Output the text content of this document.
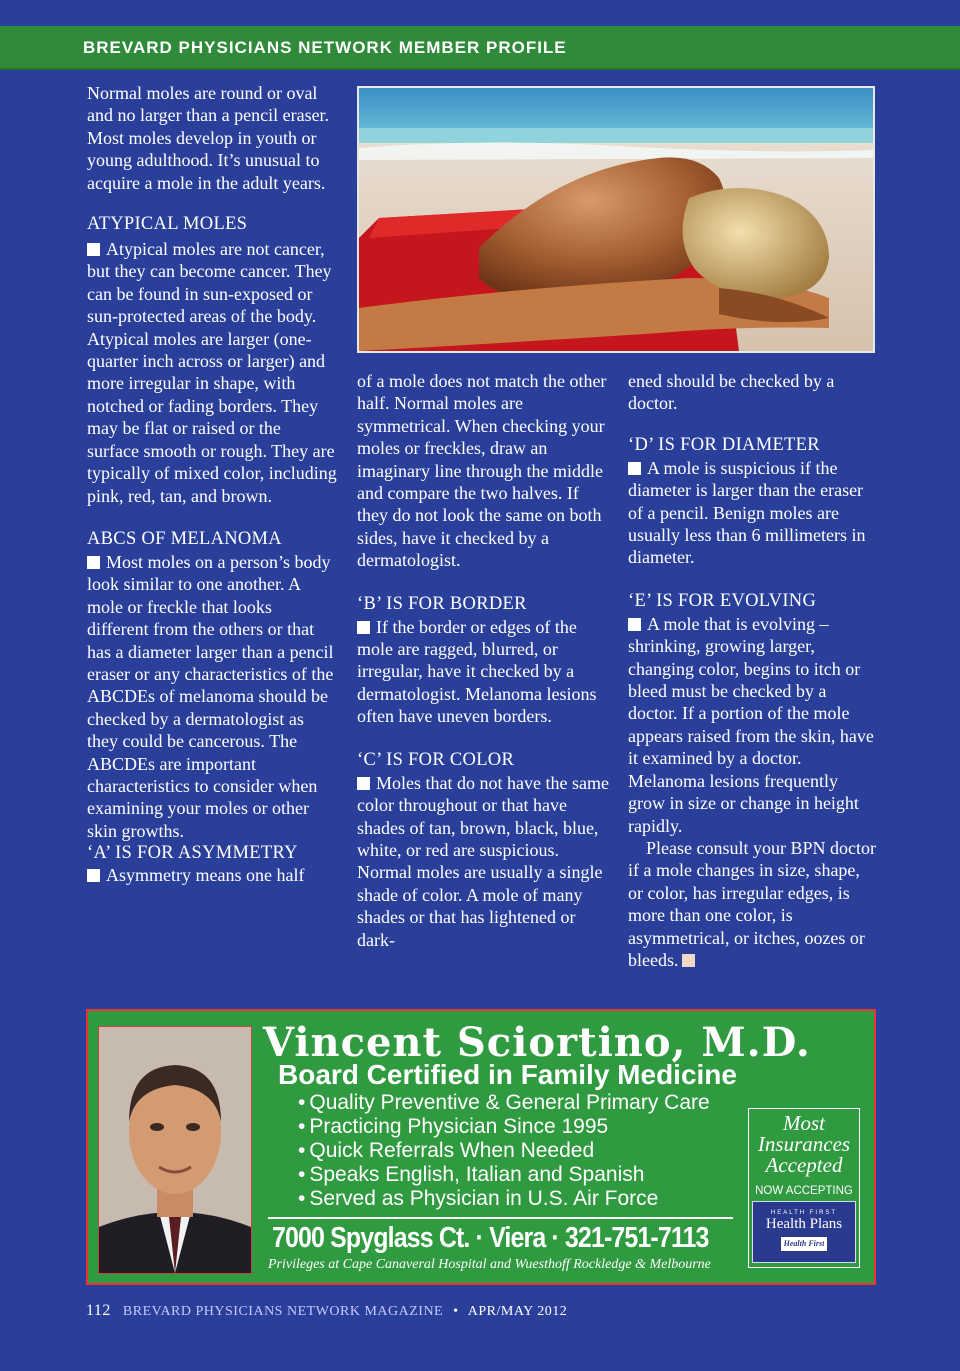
BREVARD PHYSICIANS NETWORK MEMBER PROFILE

Normal moles are round or oval and no larger than a pencil eraser. Most moles develop in youth or young adulthood. It’s unusual to acquire a mole in the adult years.

ATYPICAL MOLES

Atypical moles are not cancer, but they can become cancer. They can be found in sun-exposed or sun-protected areas of the body. Atypical moles are larger (one-quarter inch across or larger) and more irregular in shape, with notched or fading borders. They may be flat or raised or the surface smooth or rough. They are typically of mixed color, including pink, red, tan, and brown.

ABCS OF MELANOMA

Most moles on a person’s body look similar to one another. A mole or freckle that looks different from the others or that has a diameter larger than a pencil eraser or any characteristics of the ABCDEs of melanoma should be checked by a dermatologist as they could be cancerous. The ABCDEs are important characteristics to consider when examining your moles or other skin growths.

‘A’ IS FOR ASYMMETRY

Asymmetry means one half

of a mole does not match the other half. Normal moles are symmetrical. When checking your moles or freckles, draw an imaginary line through the middle and compare the two halves. If they do not look the same on both sides, have it checked by a dermatologist.

‘B’ IS FOR BORDER

If the border or edges of the mole are ragged, blurred, or irregular, have it checked by a dermatologist. Melanoma lesions often have uneven borders.

‘C’ IS FOR COLOR

Moles that do not have the same color throughout or that have shades of tan, brown, black, blue, white, or red are suspicious. Normal moles are usually a single shade of color. A mole of many shades or that has lightened or dark-

ened should be checked by a doctor.

‘D’ IS FOR DIAMETER

A mole is suspicious if the diameter is larger than the eraser of a pencil. Benign moles are usually less than 6 millimeters in diameter.

‘E’ IS FOR EVOLVING

A mole that is evolving – shrinking, growing larger, changing color, begins to itch or bleed must be checked by a doctor. If a portion of the mole appears raised from the skin, have it examined by a doctor. Melanoma lesions frequently grow in size or change in height rapidly.

Please consult your BPN doctor if a mole changes in size, shape, or color, has irregular edges, is more than one color, is asymmetrical, or itches, oozes or bleeds.

Vincent Sciortino, M.D.
Board Certified in Family Medicine
• Quality Preventive & General Primary Care
• Practicing Physician Since 1995
• Quick Referrals When Needed
• Speaks English, Italian and Spanish
• Served as Physician in U.S. Air Force
7000 Spyglass Ct. · Viera · 321-751-7113
Privileges at Cape Canaveral Hospital and Wuesthoff Rockledge & Melbourne
Most Insurances Accepted
NOW ACCEPTING
HEALTH FIRST
Health Plans
Health First
112 BREVARD PHYSICIANS NETWORK MAGAZINE • APR/MAY 2012
